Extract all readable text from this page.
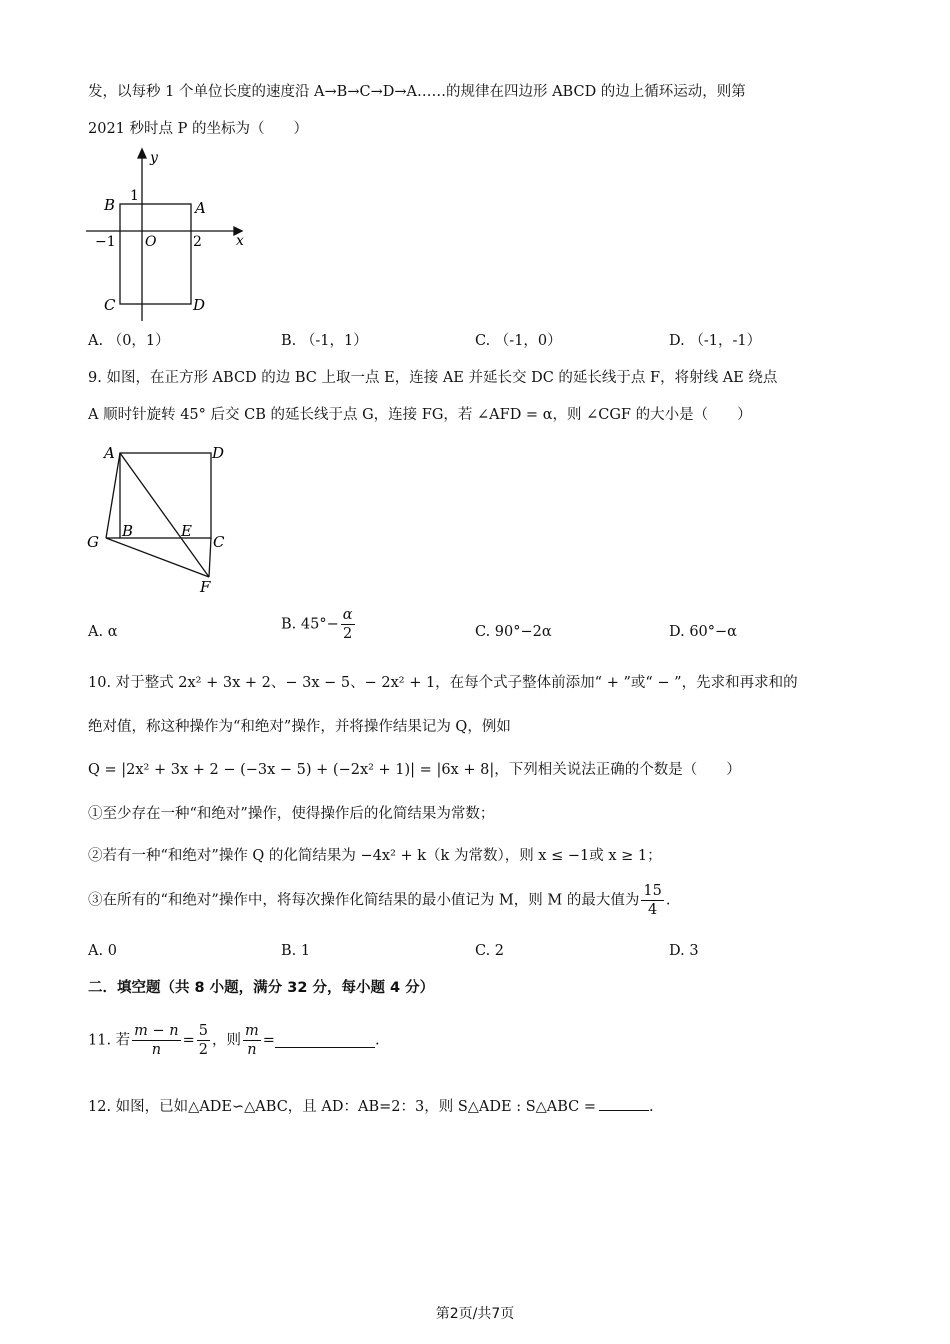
发，以每秒 1 个单位长度的速度沿 A→B→C→D→A……的规律在四边形 ABCD 的边上循环运动，则第
2021 秒时点 P 的坐标为（　　）
y
x
1
B	A
−1 O	2
C	D
A. （0，1）	B. （-1，1）	C. （-1，0）	D. （-1，-1）
9. 如图，在正方形 ABCD 的边 BC 上取一点 E，连接 AE 并延长交 DC 的延长线于点 F，将射线 AE 绕点
A 顺时针旋转 45° 后交 CB 的延长线于点 G，连接 FG，若 ∠AFD = α，则 ∠CGF 的大小是（　　）
A	D
G
B	E
C
F
A. α	B. $45^\circ- \frac{\alpha}{2}$	C. 90°−2α	D. 60°−α
10. 对于整式 2x² + 3x + 2、− 3x − 5、− 2x² + 1，在每个式子整体前添加“ + ”或“ − ”，先求和再求和的
绝对值，称这种操作为“和绝对”操作，并将操作结果记为 Q，例如
Q = |2x² + 3x + 2 − (−3x − 5) + (−2x² + 1)| = |6x + 8|，下列相关说法正确的个数是（　　）
①至少存在一种“和绝对”操作，使得操作后的化简结果为常数；
②若有一种“和绝对”操作 Q 的化简结果为 −4x² + k（k 为常数），则 x ≤ −1或 x ≥ 1；
③在所有的“和绝对”操作中，将每次操作化简结果的最小值记为 M，则 M 的最大值为 $\frac{15}{4}$ .
A. 0	B. 1	C. 2	D. 3
二．填空题（共 8 小题，满分 32 分，每小题 4 分）
11. 若 $\frac{m - n}{n} = \frac{5}{2}$ ，则 $\frac{m}{n}$ =	.
12. 如图，已如△ADE∽△ABC，且 AD：AB=2：3，则 S△ADE : S△ABC =	.
第2页/共7页
